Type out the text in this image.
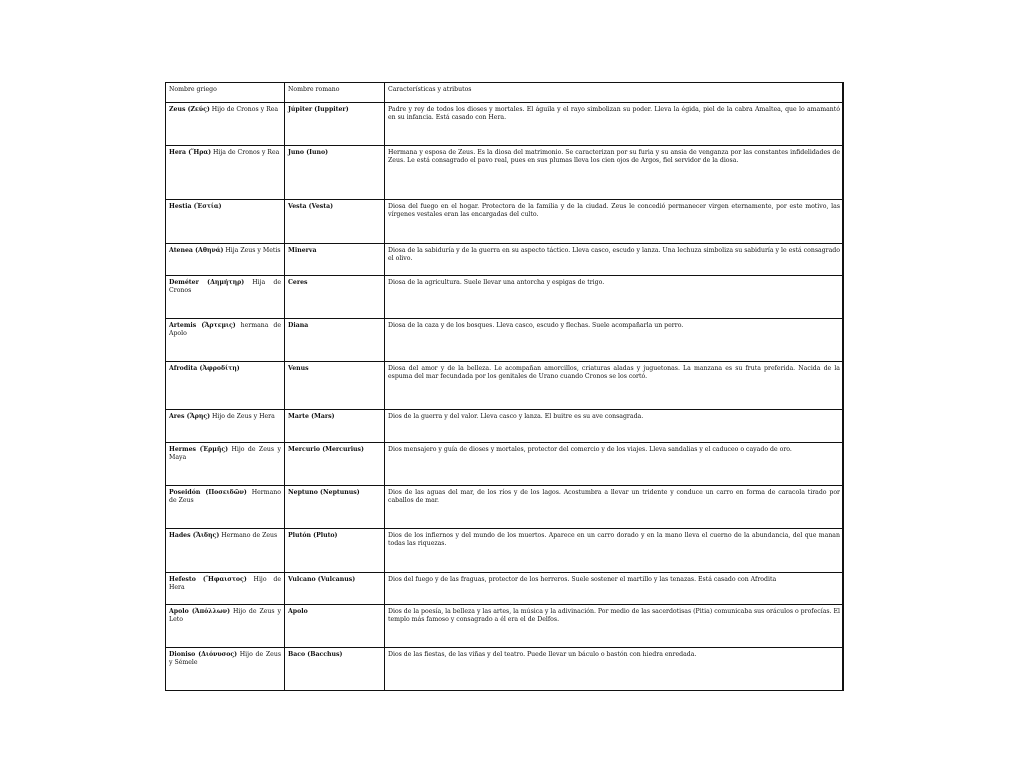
Nombre griego	Nombre romano	Características y atributos
Zeus (Ζεύς) Hijo de Cronos y Rea	Júpiter (Iuppiter)	Padre y rey de todos los dioses y mortales. El águila y el rayo simbolizan su poder. Lleva la égida, piel de la cabra Amaltea, que lo amamantó en su infancia. Está casado con Hera.
Hera (Ἥρα) Hija de Cronos y Rea	Juno (Iuno)	Hermana y esposa de Zeus. Es la diosa del matrimonio. Se caracterizan por su furia y su ansia de venganza por las constantes infidelidades de Zeus. Le está consagrado el pavo real, pues en sus plumas lleva los cien ojos de Argos, fiel servidor de la diosa.
Hestia (Ἑστία)	Vesta (Vesta)	Diosa del fuego en el hogar. Protectora de la familia y de la ciudad. Zeus le concedió permanecer virgen eternamente, por este motivo, las vírgenes vestales eran las encargadas del culto.
Atenea (Αθηνά) Hija Zeus y Metis	Minerva	Diosa de la sabiduría y de la guerra en su aspecto táctico. Lleva casco, escudo y lanza. Una lechuza simboliza su sabiduría y le está consagrado el olivo.
Deméter (Δημήτηρ) Hija de Cronos	Ceres	Diosa de la agricultura. Suele llevar una antorcha y espigas de trigo.
Artemis (Ἄρτεμις) hermana de Apolo	Diana	Diosa de la caza y de los bosques. Lleva casco, escudo y flechas. Suele acompañarla un perro.
Afrodita (Ἀφροδίτη)	Venus	Diosa del amor y de la belleza. Le acompañan amorcillos, criaturas aladas y juguetonas. La manzana es su fruta preferida. Nacida de la espuma del mar fecundada por los genitales de Urano cuando Cronos se los cortó.
Ares (Ἄρης) Hijo de Zeus y Hera	Marte (Mars)	Dios de la guerra y del valor. Lleva casco y lanza. El buitre es su ave consagrada.
Hermes (Ἑρμῆς) Hijo de Zeus y Maya	Mercurio (Mercurius)	Dios mensajero y guía de dioses y mortales, protector del comercio y de los viajes. Lleva sandalias y el caduceo o cayado de oro.
Poseidón (Ποσειδῶν) Hermano de Zeus	Neptuno (Neptunus)	Dios de las aguas del mar, de los ríos y de los lagos. Acostumbra a llevar un tridente y conduce un carro en forma de caracola tirado por caballos de mar.
Hades (Ἅιδης) Hermano de Zeus	Plutón (Pluto)	Dios de los infiernos y del mundo de los muertos. Aparece en un carro dorado y en la mano lleva el cuerno de la abundancia, del que manan todas las riquezas.
Hefesto (Ἥφαιστος) Hijo de Hera	Vulcano (Vulcanus)	Dios del fuego y de las fraguas, protector de los herreros. Suele sostener el martillo y las tenazas. Está casado con Afrodita
Apolo (Ἀπόλλων) Hijo de Zeus y Leto	Apolo	Dios de la poesía, la belleza y las artes, la música y la adivinación. Por medio de las sacerdotisas (Pitia) comunicaba sus oráculos o profecías. El templo más famoso y consagrado a él era el de Delfos.
Dioniso (Διόνυσος) Hijo de Zeus y Sémele	Baco (Bacchus)	Dios de las fiestas, de las viñas y del teatro. Puede llevar un báculo o bastón con hiedra enredada.
